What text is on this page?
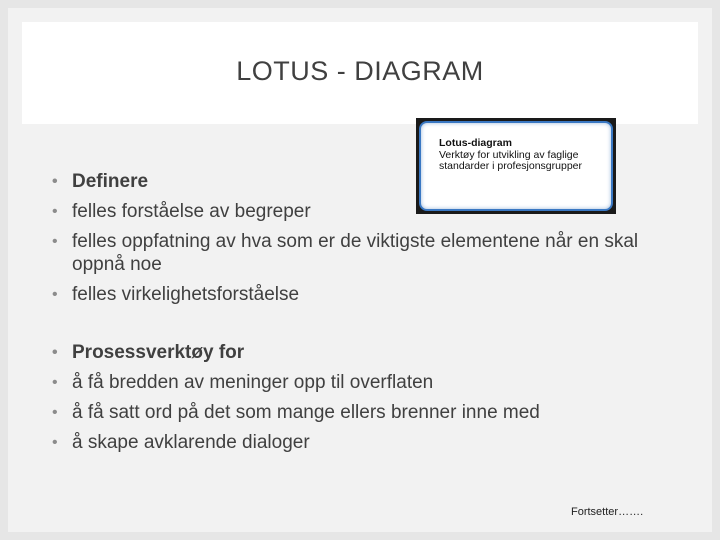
LOTUS - DIAGRAM
Lotus-diagram
Verktøy for utvikling av faglige standarder i profesjonsgrupper
• Definere
• felles forståelse av begreper
• felles oppfatning av hva som er de viktigste elementene når en skal oppnå noe
• felles virkelighetsforståelse
• Prosessverktøy for
• å få bredden av meninger opp til overflaten
• å få satt ord på det som mange ellers brenner inne med
• å skape avklarende dialoger
Fortsetter…….
